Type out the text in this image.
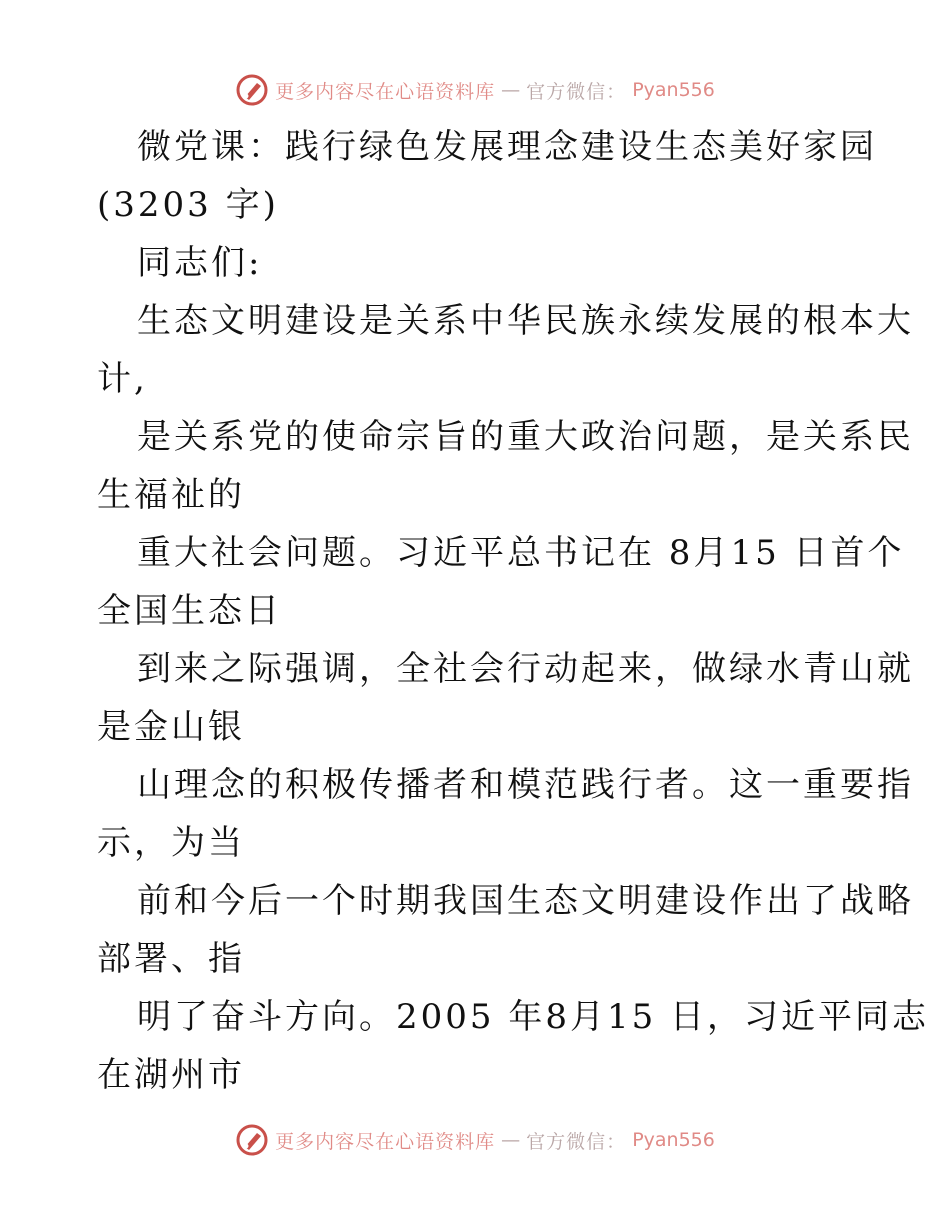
更多内容尽在心语资料库 — 官方微信： Pyan556
微党课：践行绿色发展理念建设生态美好家园
(3203 字)
同志们:
生态文明建设是关系中华民族永续发展的根本大
计,
是关系党的使命宗旨的重大政治问题，是关系民
生福祉的
重大社会问题。习近平总书记在 8月15 日首个
全国生态日
到来之际强调，全社会行动起来，做绿水青山就
是金山银
山理念的积极传播者和模范践行者。这一重要指
示，为当
前和今后一个时期我国生态文明建设作出了战略
部署、指
明了奋斗方向。2005 年8月15 日，习近平同志
在湖州市
更多内容尽在心语资料库 — 官方微信： Pyan556
